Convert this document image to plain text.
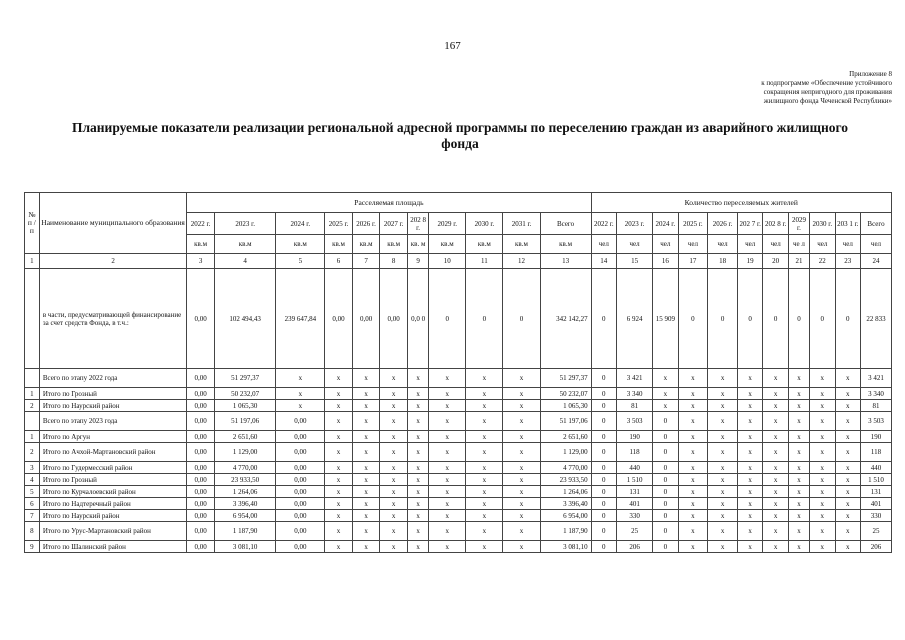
167
Приложение 8
к подпрограмме «Обеспечение устойчивого
сокращения непригодного для проживания
жилищного фонда Чеченской Республики»
Планируемые показатели реализации региональной адресной программы по переселению граждан из аварийного жилищного фонда
№ п / п	Наименование муниципального образования	Расселяемая площадь											Количество переселяемых жителей										
		2022 г.	2023 г.	2024 г.	2025 г.	2026 г.	2027 г.	202 8 г.	2029 г.	2030 г.	2031 г.	Всего	2022 г.	2023 г.	2024 г.	2025 г.	2026 г.	202 7 г.	202 8 г.	2029 г.	2030 г.	203 1 г.	Всего
		кв.м	кв.м	кв.м	кв.м	кв.м	кв.м	кв. м	кв.м	кв.м	кв.м	кв.м	чел	чел	чел	чел	чел	чел	чел	че л	чел	чел	чел
1	2	3	4	5	6	7	8	9	10	11	12	13	14	15	16	17	18	19	20	21	22	23	24
	в части, предусматривающей финансирование за счет средств Фонда, в т.ч.:	0,00	102 494,43	239 647,84	0,00	0,00	0,00	0,0 0	0	0	0	342 142,27	0	6 924	15 909	0	0	0	0	0	0	0	22 833
	Всего по этапу 2022 года	0,00	51 297,37	x	x	x	x	x	x	x	x	51 297,37	0	3 421	x	x	x	x	x	x	x	x	3 421
1	Итого по Грозный	0,00	50 232,07	x	x	x	x	x	x	x	x	50 232,07	0	3 340	x	x	x	x	x	x	x	x	3 340
2	Итого по Наурский район	0,00	1 065,30	x	x	x	x	x	x	x	x	1 065,30	0	81	x	x	x	x	x	x	x	x	81
	Всего по этапу 2023 года	0,00	51 197,06	0,00	x	x	x	x	x	x	x	51 197,06	0	3 503	0	x	x	x	x	x	x	x	3 503
1	Итого по Аргун	0,00	2 651,60	0,00	x	x	x	x	x	x	x	2 651,60	0	190	0	x	x	x	x	x	x	x	190
2	Итого по Ачхой-Мартановский район	0,00	1 129,00	0,00	x	x	x	x	x	x	x	1 129,00	0	118	0	x	x	x	x	x	x	x	118
3	Итого по Гудермесский район	0,00	4 770,00	0,00	x	x	x	x	x	x	x	4 770,00	0	440	0	x	x	x	x	x	x	x	440
4	Итого по Грозный	0,00	23 933,50	0,00	x	x	x	x	x	x	x	23 933,50	0	1 510	0	x	x	x	x	x	x	x	1 510
5	Итого по Курчалоевский район	0,00	1 264,06	0,00	x	x	x	x	x	x	x	1 264,06	0	131	0	x	x	x	x	x	x	x	131
6	Итого по Надтеречный район	0,00	3 396,40	0,00	x	x	x	x	x	x	x	3 396,40	0	401	0	x	x	x	x	x	x	x	401
7	Итого по Наурский район	0,00	6 954,00	0,00	x	x	x	x	x	x	x	6 954,00	0	330	0	x	x	x	x	x	x	x	330
8	Итого по Урус-Мартановский район	0,00	1 187,90	0,00	x	x	x	x	x	x	x	1 187,90	0	25	0	x	x	x	x	x	x	x	25
9	Итого по Шалинский район	0,00	3 081,10	0,00	x	x	x	x	x	x	x	3 081,10	0	206	0	x	x	x	x	x	x	x	206
